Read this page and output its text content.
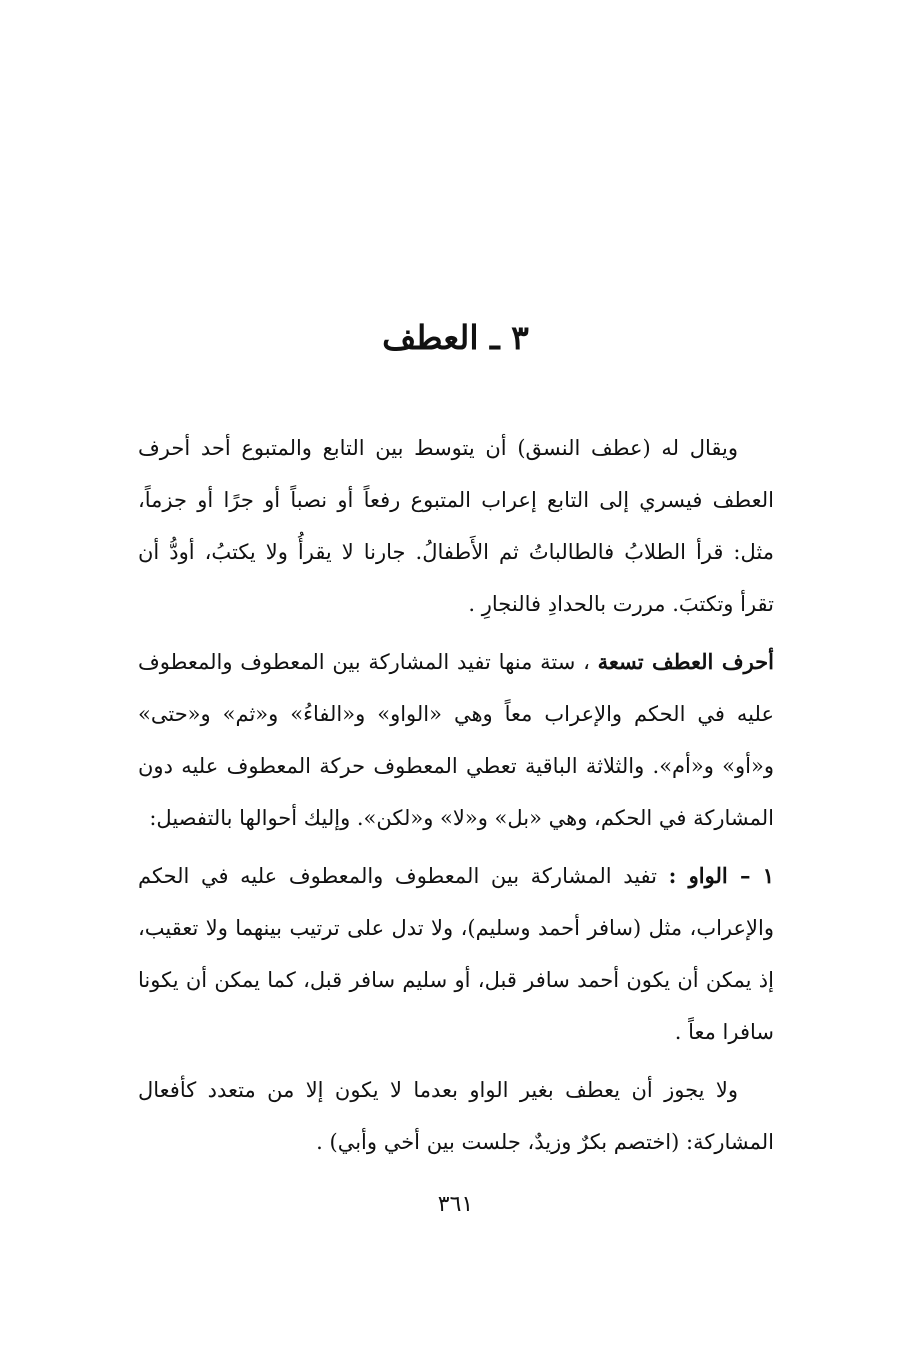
٣ ـ العطف

ويقال له (عطف النسق) أن يتوسط بين التابع والمتبوع أحد أحرف العطف فيسري إلى التابع إعراب المتبوع رفعاً أو نصباً أو جرًا أو جزماً، مثل: قرأ الطلابُ فالطالباتُ ثم الأَطفالُ. جارنا لا يقرأُ ولا يكتبُ، أودُّ أن تقرأ وتكتبَ. مررت بالحدادِ فالنجارِ .

أحرف العطف تسعة ، ستة منها تفيد المشاركة بين المعطوف والمعطوف عليه في الحكم والإعراب معاً وهي «الواو» و«الفاءُ» و«ثم» و«حتى» و«أو» و«أم». والثلاثة الباقية تعطي المعطوف حركة المعطوف عليه دون المشاركة في الحكم، وهي «بل» و«لا» و«لكن». وإليك أحوالها بالتفصيل:

١ – الواو : تفيد المشاركة بين المعطوف والمعطوف عليه في الحكم والإعراب، مثل (سافر أحمد وسليم)، ولا تدل على ترتيب بينهما ولا تعقيب، إذ يمكن أن يكون أحمد سافر قبل، أو سليم سافر قبل، كما يمكن أن يكونا سافرا معاً .

ولا يجوز أن يعطف بغير الواو بعدما لا يكون إلا من متعدد كأفعال المشاركة: (اختصم بكرٌ وزيدٌ، جلست بين أخي وأبي) .

٣٦١
